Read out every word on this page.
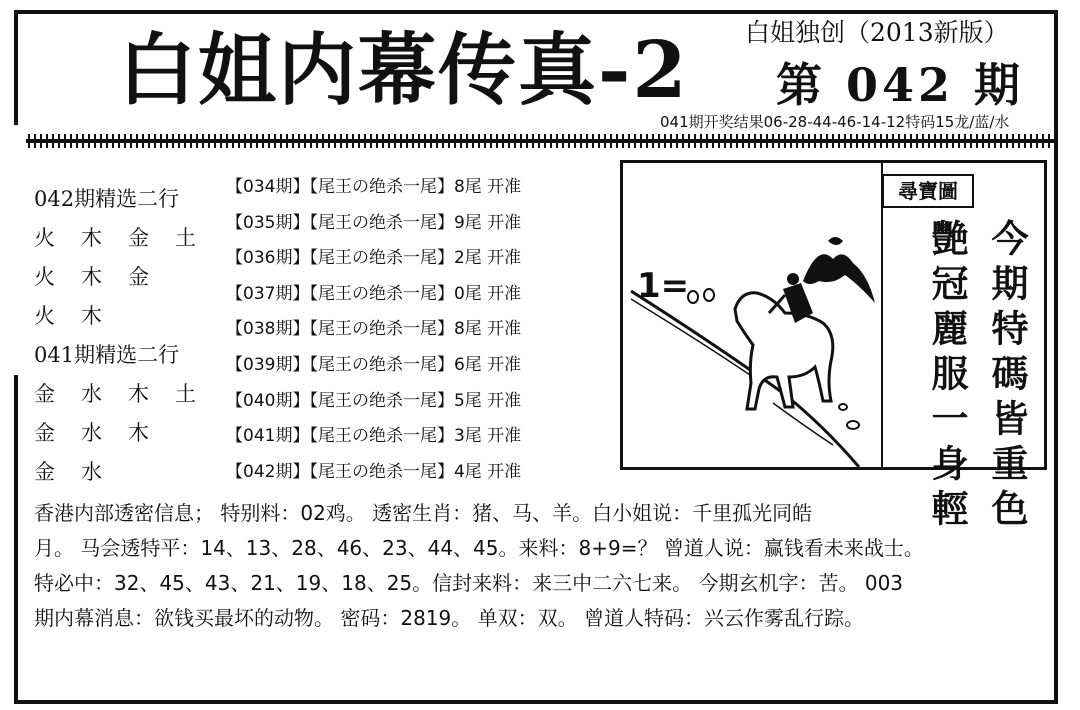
白姐内幕传真-2 白姐独创（2013新版）
第 042 期
041期开奖结果06-28-44-46-14-12特码15龙/蓝/水
042期精选二行
火 木 金 土
火 木 金
火 木
041期精选二行
金 水 木 土
金 水 木
金 水
【034期】【尾王の绝杀一尾】8尾 开准
【035期】【尾王の绝杀一尾】9尾 开准
【036期】【尾王の绝杀一尾】2尾 开准
【037期】【尾王の绝杀一尾】0尾 开准
【038期】【尾王の绝杀一尾】8尾 开准
【039期】【尾王の绝杀一尾】6尾 开准
【040期】【尾王の绝杀一尾】5尾 开准
【041期】【尾王の绝杀一尾】3尾 开准
【042期】【尾王の绝杀一尾】4尾 开准
1=
尋寶圖
今期特碼皆重色
艷冠麗服一身輕
香港内部透密信息； 特别料：02鸡。 透密生肖：猪、马、羊。白小姐说：千里孤光同皓
月。 马会透特平：14、13、28、46、23、44、45。来料：8+9=？ 曾道人说：赢钱看未来战士。
特必中：32、45、43、21、19、18、25。信封来料：来三中二六七来。 今期玄机字：苦。 003
期内幕消息：欲钱买最坏的动物。 密码：2819。 单双：双。 曾道人特码：兴云作雾乱行踪。
